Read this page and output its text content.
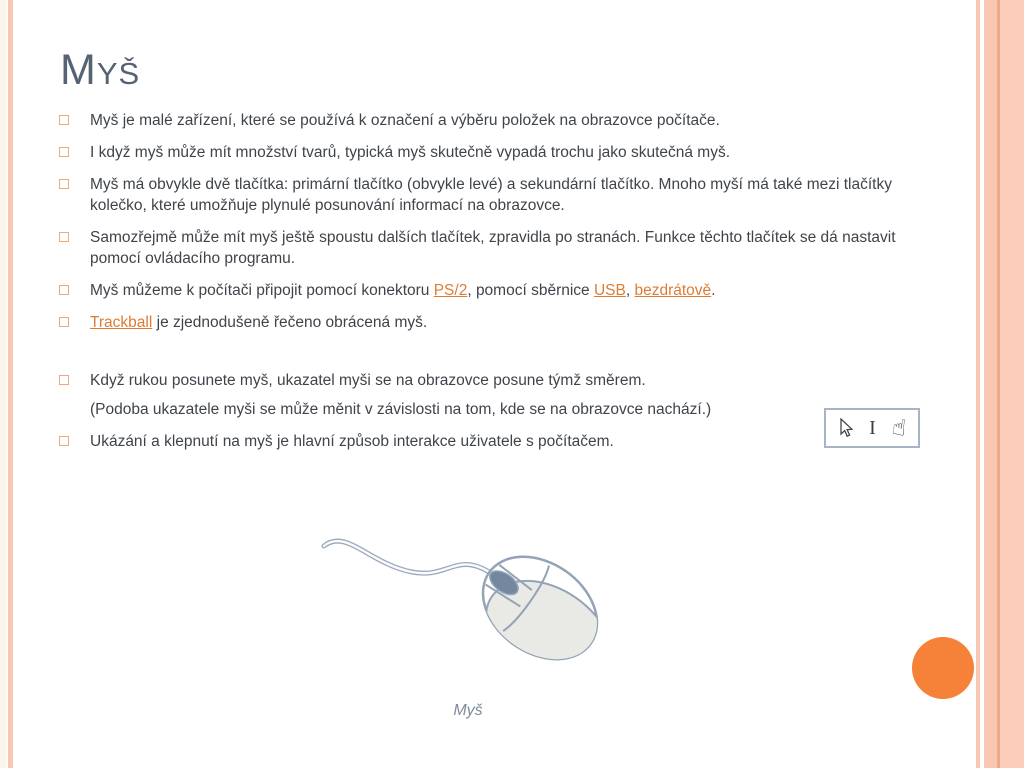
MYŠ
Myš je malé zařízení, které se používá k označení a výběru položek na obrazovce počítače.
I když myš může mít množství tvarů, typická myš skutečně vypadá trochu jako skutečná myš.
Myš má obvykle dvě tlačítka: primární tlačítko (obvykle levé) a sekundární tlačítko. Mnoho myší má také mezi tlačítky kolečko, které umožňuje plynulé posunování informací na obrazovce.
Samozřejmě může mít myš ještě spoustu dalších tlačítek, zpravidla po stranách. Funkce těchto tlačítek se dá nastavit pomocí ovládacího programu.
Myš můžeme k počítači připojit pomocí konektoru PS/2, pomocí sběrnice USB, bezdrátově.
Trackball je zjednodušeně řečeno obrácená myš.
Když rukou posunete myš, ukazatel myši se na obrazovce posune týmž směrem.
(Podoba ukazatele myši se může měnit v závislosti na tom, kde se na obrazovce nachází.)
Ukázání a klepnutí na myš je hlavní způsob interakce uživatele s počítačem.
I ☝
Myš
